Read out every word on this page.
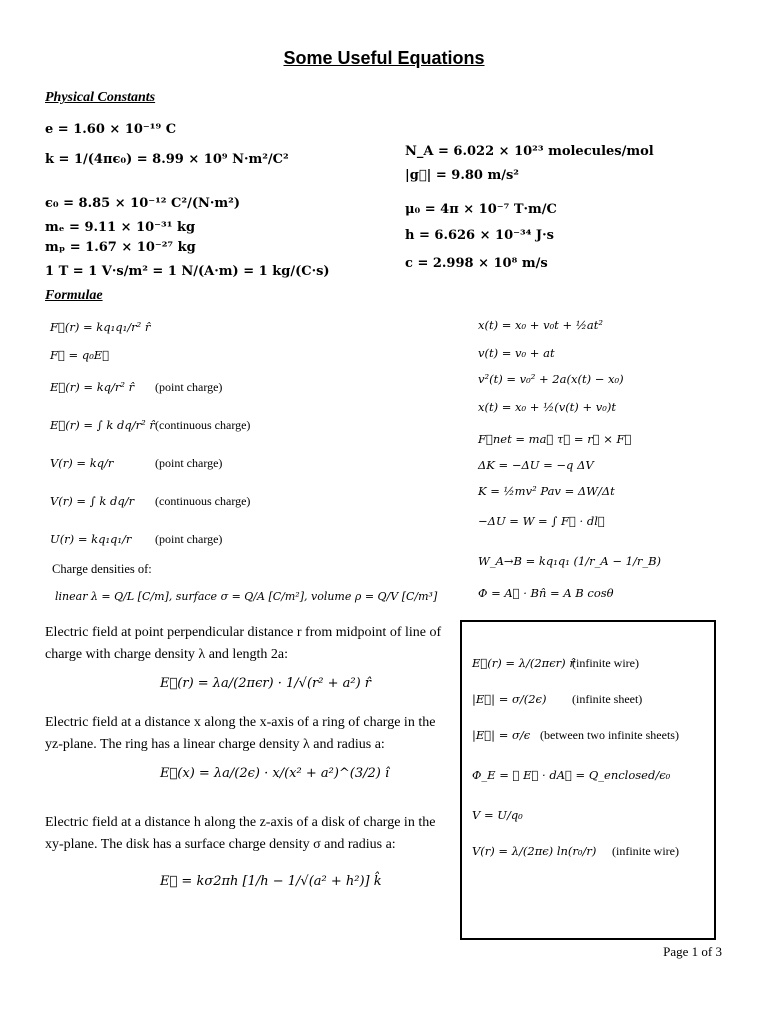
Some Useful Equations
Physical Constants
e = 1.60 × 10⁻¹⁹ C
k = 1/(4πϵ₀) = 8.99 × 10⁹ N·m²/C²
ϵ₀ = 8.85 × 10⁻¹² C²/(N·m²)
mₑ = 9.11 × 10⁻³¹ kg
mₚ = 1.67 × 10⁻²⁷ kg
1 T = 1 V·s/m² = 1 N/(A·m) = 1 kg/(C·s)
N_A = 6.022 × 10²³ molecules/mol
|g⃗| = 9.80 m/s²
μ₀ = 4π × 10⁻⁷ T·m/C
h = 6.626 × 10⁻³⁴ J·s
c = 2.998 × 10⁸ m/s
Formulae
F⃗(r) = kq₁q₁/r² r̂
F⃗ = q₀E⃗
E⃗(r) = kq/r² r̂ (point charge)
E⃗(r) = ∫ k dq/r² r̂ (continuous charge)
V(r) = kq/r	(point charge)
V(r) = ∫ k dq/r (continuous charge)
U(r) = kq₁q₁/r (point charge)
Charge densities of:
linear λ = Q/L [C/m], surface σ = Q/A [C/m²], volume ρ = Q/V [C/m³]
x(t) = x₀ + v₀t + ½at²
v(t) = v₀ + at
v²(t) = v₀² + 2a(x(t) − x₀)
x(t) = x₀ + ½(v(t) + v₀)t
F⃗net = ma⃗ τ⃗ = r⃗ × F⃗
ΔK = −ΔU = −q ΔV
K = ½mv² Pav = ΔW/Δt
−ΔU = W = ∫ F⃗ · dl⃗
W_A→B = kq₁q₁ (1/r_A − 1/r_B)
Φ = A⃗ · Bn̂ = A B cosθ
Electric field at point perpendicular distance r from midpoint of line of charge with charge density λ and length 2a:
E⃗(r) = λa/(2πϵr) · 1/√(r² + a²) r̂
Electric field at a distance x along the x-axis of a ring of charge in the yz-plane. The ring has a linear charge density λ and radius a:
E⃗(x) = λa/(2ϵ) · x/(x² + a²)^(3/2) î
Electric field at a distance h along the z-axis of a disk of charge in the xy-plane. The disk has a surface charge density σ and radius a:
E⃗ = kσ2πh [1/h − 1/√(a² + h²)] k̂
E⃗(r) = λ/(2πϵr) r̂
(infinite wire)
|E⃗| = σ/(2ϵ) (infinite sheet)
|E⃗| = σ/ϵ (between two infinite sheets)
Φ_E = ∮ E⃗ · dA⃗ = Q_enclosed/ϵ₀
V = U/q₀
V(r) = λ/(2πϵ) ln(r₀/r) (infinite wire)
Page 1 of 3
